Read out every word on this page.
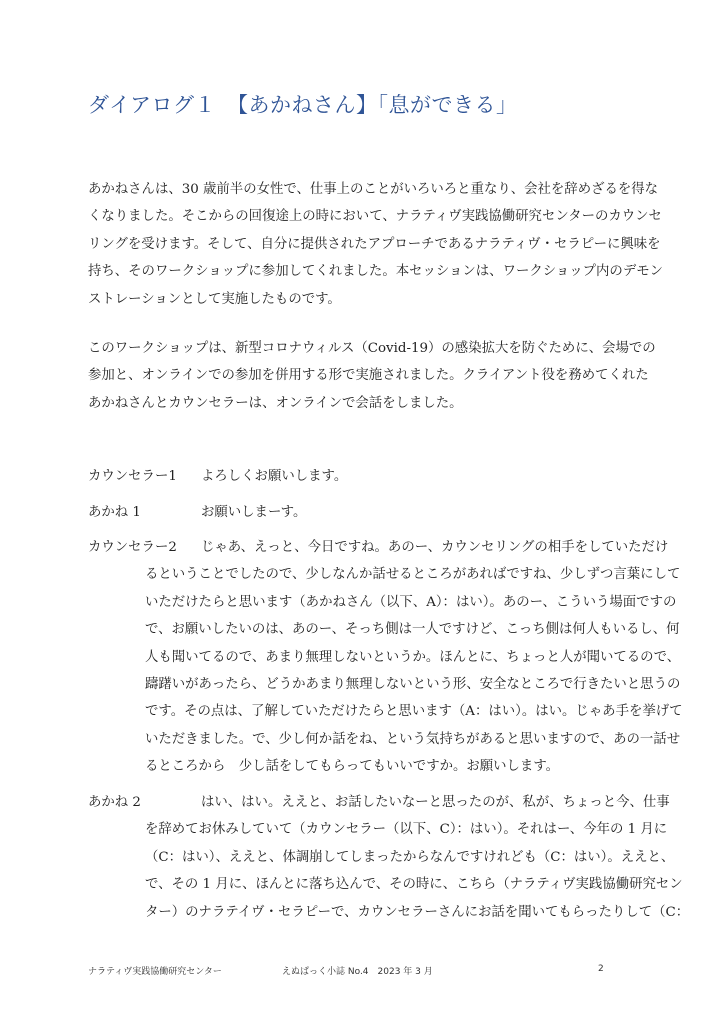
ダイアログ１　【あかねさん】「息ができる」
あかねさんは、30 歳前半の女性で、仕事上のことがいろいろと重なり、会社を辞めざるを得な
くなりました。そこからの回復途上の時において、ナラティヴ実践協働研究センターのカウンセ
リングを受けます。そして、自分に提供されたアプローチであるナラティヴ・セラピーに興味を
持ち、そのワークショップに参加してくれました。本セッションは、ワークショップ内のデモン
ストレーションとして実施したものです。
このワークショップは、新型コロナウィルス（Covid-19）の感染拡大を防ぐために、会場での
参加と、オンラインでの参加を併用する形で実施されました。クライアント役を務めてくれた
あかねさんとカウンセラーは、オンラインで会話をしました。
カウンセラー1 よろしくお願いします。
あかね 1	お願いしまーす。
カウンセラー2 じゃあ、えっと、今日ですね。あのー、カウンセリングの相手をしていただけ
るということでしたので、少しなんか話せるところがあればですね、少しずつ言葉にして
いただけたらと思います（あかねさん（以下、A）：はい）。あのー、こういう場面ですの
で、お願いしたいのは、あのー、そっち側は一人ですけど、こっち側は何人もいるし、何
人も聞いてるので、あまり無理しないというか。ほんとに、ちょっと人が聞いてるので、
躊躇いがあったら、どうかあまり無理しないという形、安全なところで行きたいと思うの
です。その点は、了解していただけたらと思います（A：はい）。はい。じゃあ手を挙げて
いただきました。で、少し何か話をね、という気持ちがあると思いますので、あの一話せ
るところから　少し話をしてもらってもいいですか。お願いします。
あかね 2	はい、はい。ええと、お話したいなーと思ったのが、私が、ちょっと今、仕事
を辞めてお休みしていて（カウンセラー（以下、C）：はい）。それはー、今年の 1 月に
（C：はい）、ええと、体調崩してしまったからなんですけれども（C：はい）。ええと、
で、その 1 月に、ほんとに落ち込んで、その時に、こちら（ナラティヴ実践協働研究セン
ター）のナラテイヴ・セラピーで、カウンセラーさんにお話を聞いてもらったりして（C：
ナラティヴ実践協働研究センター	えぬぱっく小誌 No.4　2023 年 3 月	2
